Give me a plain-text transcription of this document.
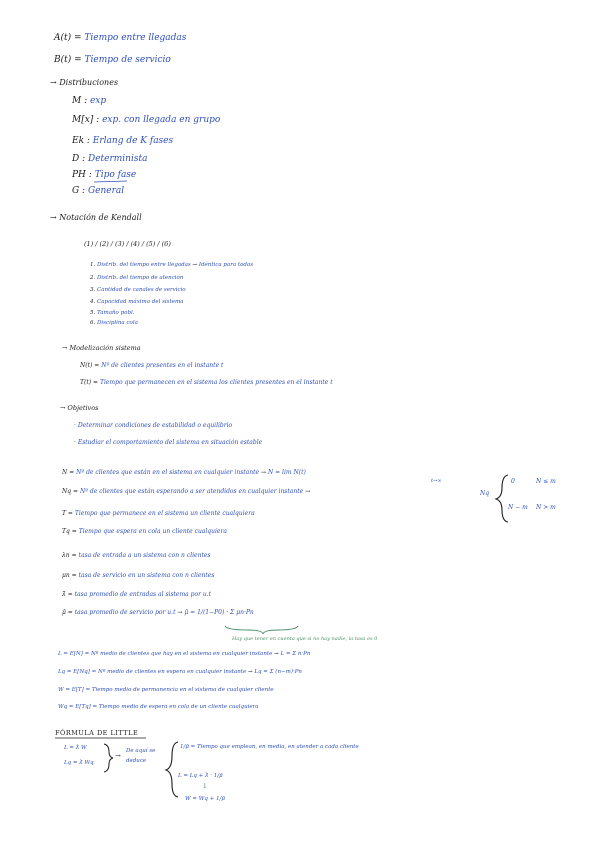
A(t) = Tiempo entre llegadas
B(t) = Tiempo de servicio
→ Distribuciones
M : exp
M[x] : exp. con llegada en grupo
Ek : Erlang de K fases
D : Determinista
PH : Tipo fase
G : General
→ Notación de Kendall
(1) / (2) / (3) / (4) / (5) / (6)
1. Distrib. del tiempo entre llegadas → Idéntica para todas
2. Distrib. del tiempo de atención
3. Cantidad de canales de servicio
4. Capacidad máxima del sistema
5. Tamaño pobl.
6. Disciplina cola
→ Modelización sistema
N(t) = Nº de clientes presentes en el instante t
T(t) = Tiempo que permanecen en el sistema los clientes presentes en el instante t
→ Objetivos
· Determinar condiciones de estabilidad o equilibrio
· Estudiar el comportamiento del sistema en situación estable
N = Nº de clientes que están en el sistema en cualquier instante → N = lim N(t)
t→∞
Nq = Nº de clientes que están esperando a ser atendidos en cualquier instante →	Nq
0	N ≤ m
N − m N > m
T = Tiempo que permanece en el sistema un cliente cualquiera
Tq = Tiempo que espera en cola un cliente cualquiera
λn = tasa de entrada a un sistema con n clientes
μn = tasa de servicio en un sistema con n clientes
λ̄ = tasa promedio de entradas al sistema por u.t
μ̄ = tasa promedio de servicio por u.t → μ̄ = 1/(1−P0) · Σ μn·Pn
Hay que tener en cuenta que si no hay nadie, la tasa es 0
L = E[N] = Nº medio de clientes que hay en el sistema en cualquier instante → L = Σ n·Pn
Lq = E[Nq] = Nº medio de clientes en espera en cualquier instante → Lq = Σ (n−m)·Pn
W = E[T] = Tiempo medio de permanencia en el sistema de cualquier cliente
Wq = E[Tq] = Tiempo medio de espera en cola de un cliente cualquiera
FÓRMULA DE LITTLE
L = λ̄ W
Lq = λ̄ Wq
→
De aquí se
deduce
1/μ̄ = Tiempo que emplean, en media, en atender a cada cliente
L = Lq + λ̄ · 1/μ̄
↓
W = Wq + 1/μ̄
